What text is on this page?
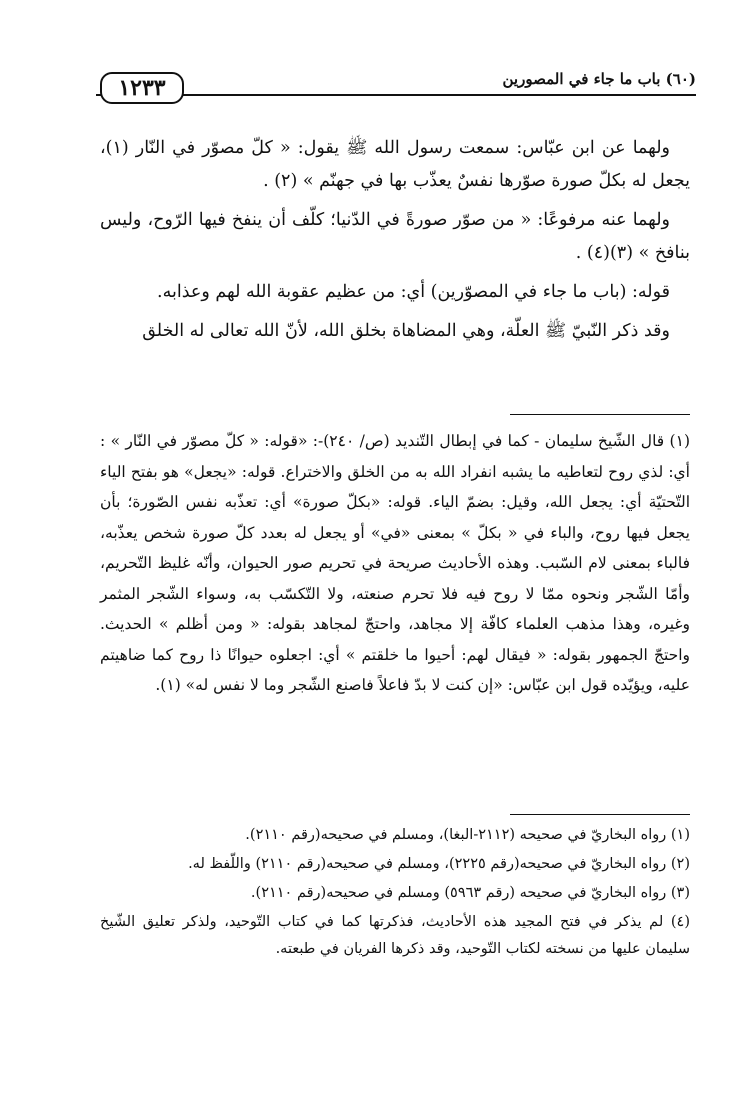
١٢٣٣	(٦٠) باب ما جاء في المصورين

ولهما عن ابن عبّاس: سمعت رسول الله ﷺ يقول: « كلّ مصوّر في النّار (١)، يجعل له بكلّ صورة صوّرها نفسٌ يعذّب بها في جهنّم » (٢) .

ولهما عنه مرفوعًا: « من صوّر صورةً في الدّنيا؛ كلّف أن ينفخ فيها الرّوح، وليس بنافخ » (٣)(٤) .

قوله: (باب ما جاء في المصوّرين) أي: من عظيم عقوبة الله لهم وعذابه.

وقد ذكر النّبيّ ﷺ العلّة، وهي المضاهاة بخلق الله، لأنّ الله تعالى له الخلق

(١) قال الشّيخ سليمان - كما في إبطال التّنديد (ص/ ٢٤٠)-: «قوله: « كلّ مصوّر في النّار » : أي: لذي روح لتعاطيه ما يشبه انفراد الله به من الخلق والاختراع. قوله: «يجعل» هو بفتح الياء التّحتيّة أي: يجعل الله، وقيل: بضمّ الياء. قوله: «بكلّ صورة» أي: تعذّبه نفس الصّورة؛ بأن يجعل فيها روح، والباء في « بكلّ » بمعنى «في» أو يجعل له بعدد كلّ صورة شخص يعذّبه، فالباء بمعنى لام السّبب. وهذه الأحاديث صريحة في تحريم صور الحيوان، وأنّه غليظ التّحريم، وأمّا الشّجر ونحوه ممّا لا روح فيه فلا تحرم صنعته، ولا التّكسّب به، وسواء الشّجر المثمر وغيره، وهذا مذهب العلماء كافّة إلا مجاهد، واحتجّ لمجاهد بقوله: « ومن أظلم » الحديث. واحتجّ الجمهور بقوله: « فيقال لهم: أحيوا ما خلقتم » أي: اجعلوه حيوانًا ذا روح كما ضاهيتم عليه، ويؤيّده قول ابن عبّاس: «إن كنت لا بدّ فاعلاً فاصنع الشّجر وما لا نفس له» (١).

(١) رواه البخاريّ في صحيحه (٢١١٢-البغا)، ومسلم في صحيحه(رقم ٢١١٠).

(٢) رواه البخاريّ في صحيحه(رقم ٢٢٢٥)، ومسلم في صحيحه(رقم ٢١١٠) واللّفظ له.

(٣) رواه البخاريّ في صحيحه (رقم ٥٩٦٣) ومسلم في صحيحه(رقم ٢١١٠).

(٤) لم يذكر في فتح المجيد هذه الأحاديث، فذكرتها كما في كتاب التّوحيد، ولذكر تعليق الشّيخ سليمان عليها من نسخته لكتاب التّوحيد، وقد ذكرها الفريان في طبعته.
